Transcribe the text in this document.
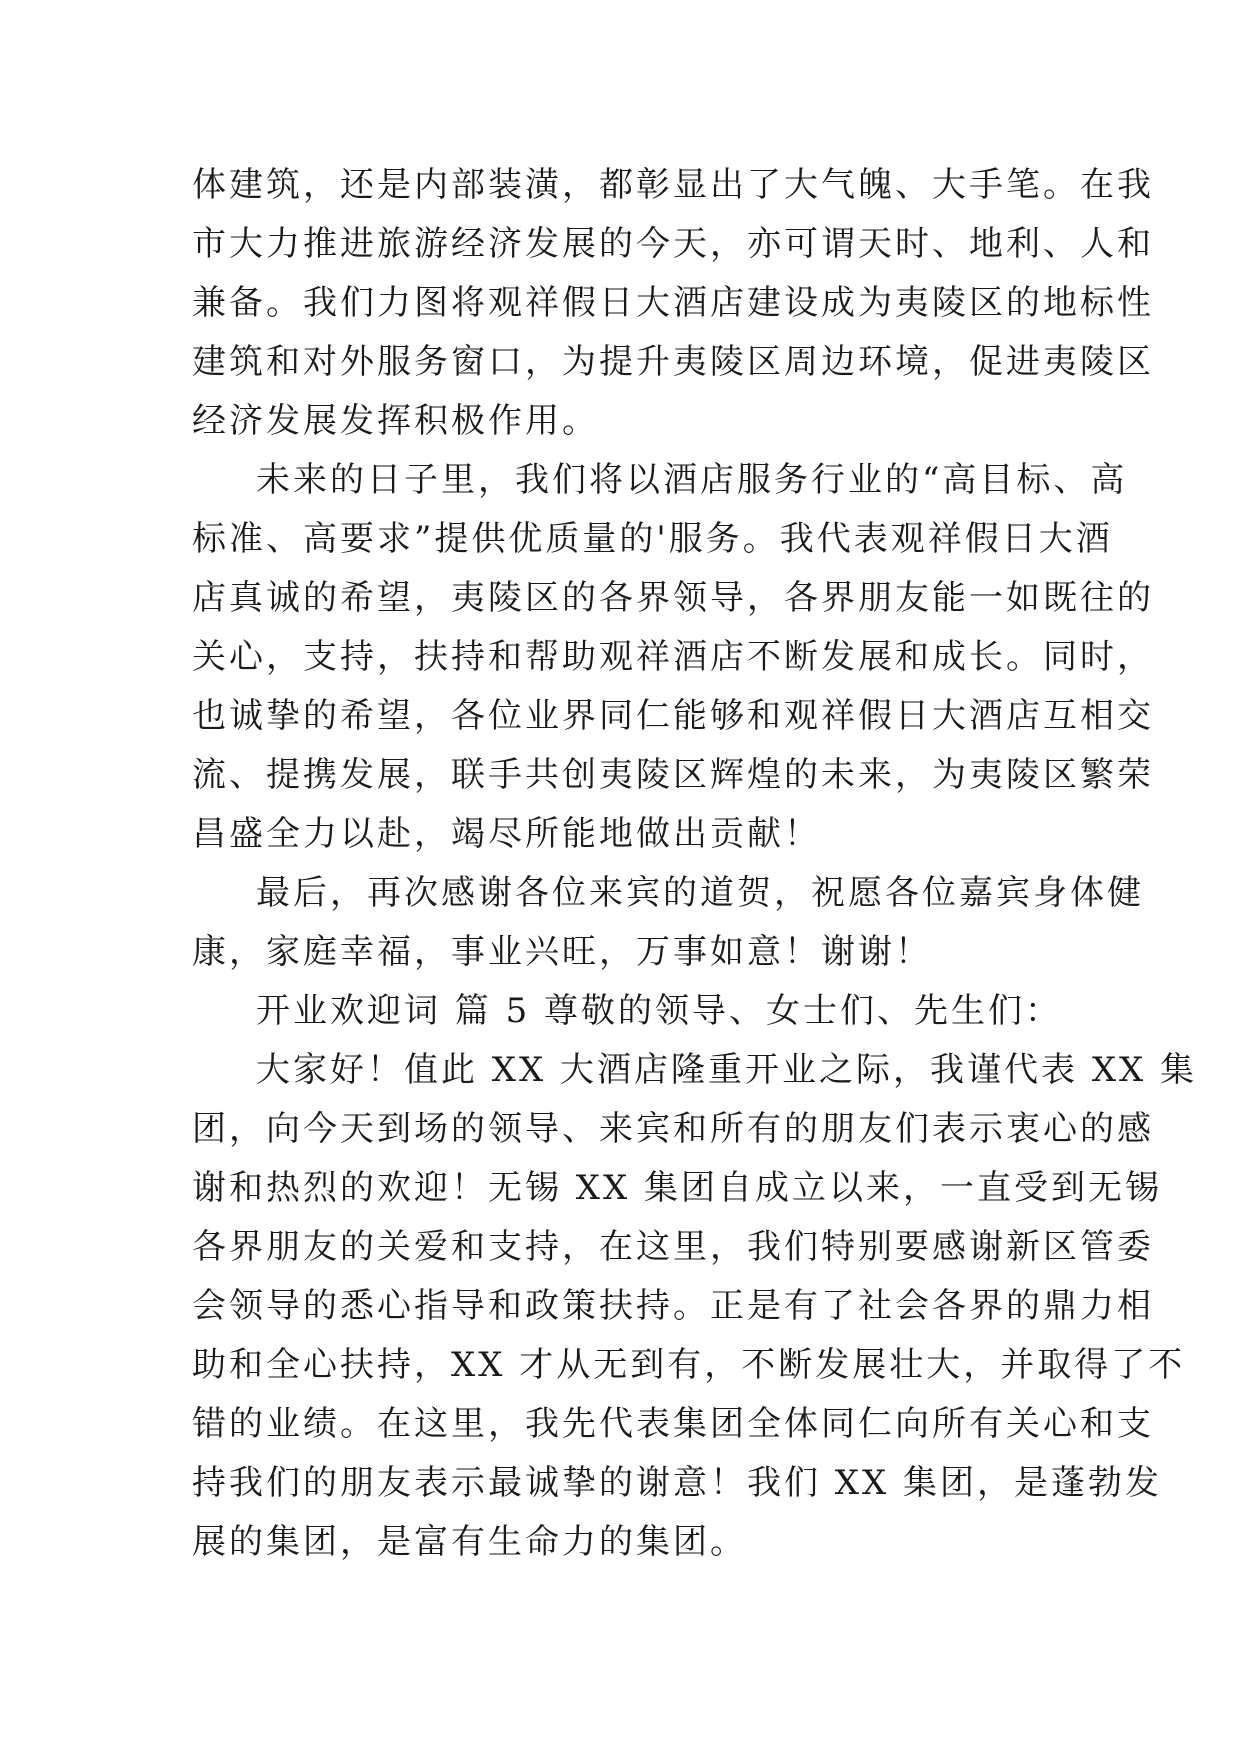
体建筑，还是内部装潢，都彰显出了大气魄、大手笔。在我
市大力推进旅游经济发展的今天，亦可谓天时、地利、人和
兼备。我们力图将观祥假日大酒店建设成为夷陵区的地标性
建筑和对外服务窗口，为提升夷陵区周边环境，促进夷陵区
经济发展发挥积极作用。
未来的日子里，我们将以酒店服务行业的“高目标、高
标准、高要求”提供优质量的'服务。我代表观祥假日大酒
店真诚的希望，夷陵区的各界领导，各界朋友能一如既往的
关心，支持，扶持和帮助观祥酒店不断发展和成长。同时，
也诚挚的希望，各位业界同仁能够和观祥假日大酒店互相交
流、提携发展，联手共创夷陵区辉煌的未来，为夷陵区繁荣
昌盛全力以赴，竭尽所能地做出贡献！
最后，再次感谢各位来宾的道贺，祝愿各位嘉宾身体健
康，家庭幸福，事业兴旺，万事如意！谢谢！
开业欢迎词 篇 5 尊敬的领导、女士们、先生们：
大家好！值此 XX 大酒店隆重开业之际，我谨代表 XX 集
团，向今天到场的领导、来宾和所有的朋友们表示衷心的感
谢和热烈的欢迎！无锡 XX 集团自成立以来，一直受到无锡
各界朋友的关爱和支持，在这里，我们特别要感谢新区管委
会领导的悉心指导和政策扶持。正是有了社会各界的鼎力相
助和全心扶持，XX 才从无到有，不断发展壮大，并取得了不
错的业绩。在这里，我先代表集团全体同仁向所有关心和支
持我们的朋友表示最诚挚的谢意！我们 XX 集团，是蓬勃发
展的集团，是富有生命力的集团。
